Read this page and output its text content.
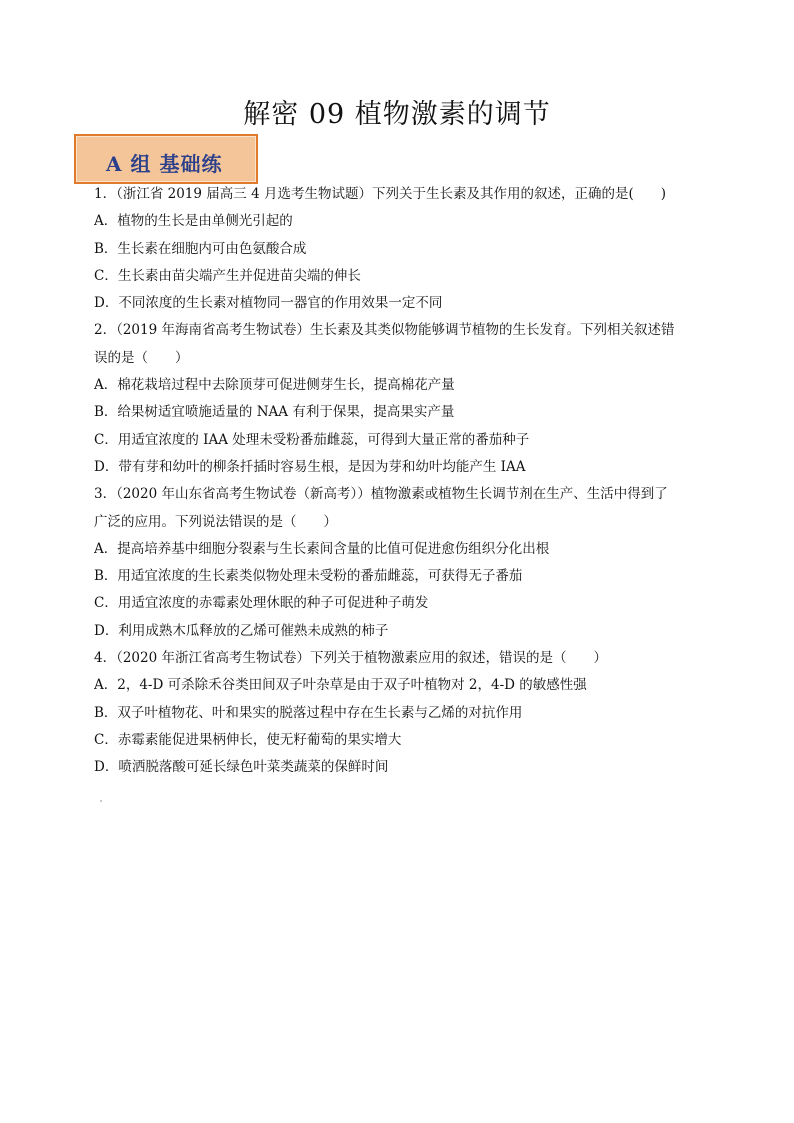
解密 09 植物激素的调节
A 组 基础练
1．（浙江省 2019 届高三 4 月选考生物试题）下列关于生长素及其作用的叙述，正确的是(　　)
A．植物的生长是由单侧光引起的
B．生长素在细胞内可由色氨酸合成
C．生长素由苗尖端产生并促进苗尖端的伸长
D．不同浓度的生长素对植物同一器官的作用效果一定不同
2．（2019 年海南省高考生物试卷）生长素及其类似物能够调节植物的生长发育。下列相关叙述错
误的是（　　）
A．棉花栽培过程中去除顶芽可促进侧芽生长，提高棉花产量
B．给果树适宜喷施适量的 NAA 有利于保果，提高果实产量
C．用适宜浓度的 IAA 处理未受粉番茄雌蕊，可得到大量正常的番茄种子
D．带有芽和幼叶的柳条扦插时容易生根，是因为芽和幼叶均能产生 IAA
3．（2020 年山东省高考生物试卷（新高考））植物激素或植物生长调节剂在生产、生活中得到了
广泛的应用。下列说法错误的是（　　）
A．提高培养基中细胞分裂素与生长素间含量的比值可促进愈伤组织分化出根
B．用适宜浓度的生长素类似物处理未受粉的番茄雌蕊，可获得无子番茄
C．用适宜浓度的赤霉素处理休眠的种子可促进种子萌发
D．利用成熟木瓜释放的乙烯可催熟未成熟的柿子
4．（2020 年浙江省高考生物试卷）下列关于植物激素应用的叙述，错误的是（　　）
A．2，4-D 可杀除禾谷类田间双子叶杂草是由于双子叶植物对 2，4-D 的敏感性强
B．双子叶植物花、叶和果实的脱落过程中存在生长素与乙烯的对抗作用
C．赤霉素能促进果柄伸长，使无籽葡萄的果实增大
D．喷洒脱落酸可延长绿色叶菜类蔬菜的保鲜时间
